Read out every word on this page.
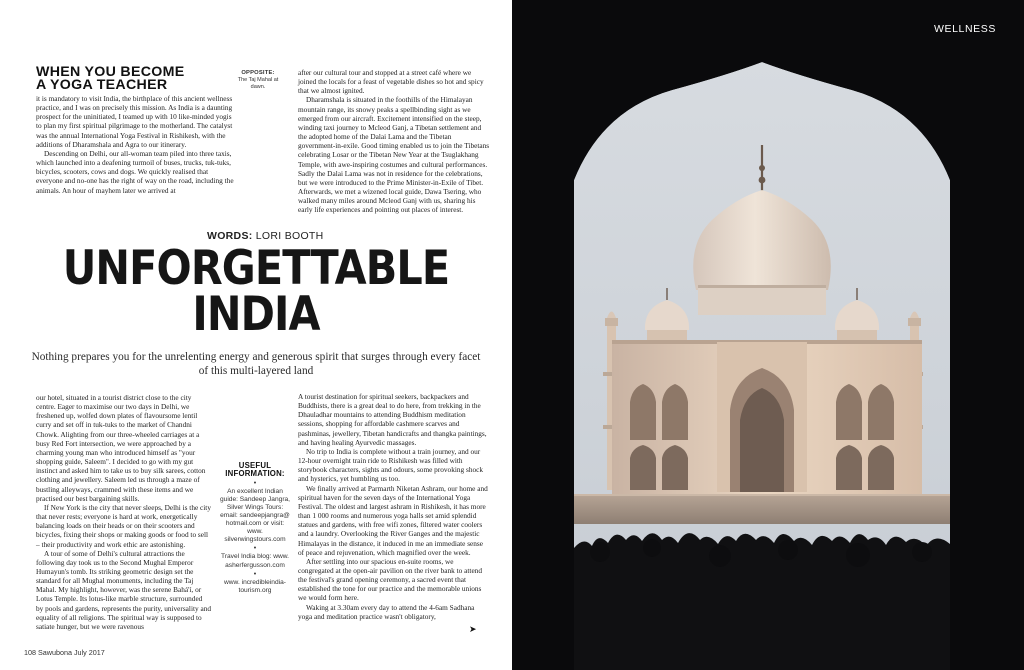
WHEN YOU BECOME
A YOGA TEACHER

it is mandatory to visit India, the birthplace of this ancient wellness practice, and I was on precisely this mission. As India is a daunting prospect for the uninitiated, I teamed up with 10 like-minded yogis to plan my first spiritual pilgrimage to the motherland. The catalyst was the annual International Yoga Festival in Rishikesh, with the additions of Dharamshala and Agra to our itinerary.

Descending on Delhi, our all-woman team piled into three taxis, which launched into a deafening turmoil of buses, trucks, tuk-tuks, bicycles, scooters, cows and dogs. We quickly realised that everyone and no-one has the right of way on the road, including the animals. An hour of mayhem later we arrived at

OPPOSITE:
The Taj Mahal at dawn.

after our cultural tour and stopped at a street café where we joined the locals for a feast of vegetable dishes so hot and spicy that we almost ignited.

Dharamshala is situated in the foothills of the Himalayan mountain range, its snowy peaks a spellbinding sight as we emerged from our aircraft. Excitement intensified on the steep, winding taxi journey to Mcleod Ganj, a Tibetan settlement and the adopted home of the Dalai Lama and the Tibetan government-in-exile. Good timing enabled us to join the Tibetans celebrating Losar or the Tibetan New Year at the Tsuglakhang Temple, with awe-inspiring costumes and cultural performances. Sadly the Dalai Lama was not in residence for the celebrations, but we were introduced to the Prime Minister-in-Exile of Tibet. Afterwards, we met a wizened local guide, Dawa Tsering, who walked many miles around Mcleod Ganj with us, sharing his early life experiences and pointing out places of interest.

WORDS: LORI BOOTH
UNFORGETTABLE
INDIA

Nothing prepares you for the unrelenting energy and generous spirit that surges through every facet of this multi-layered land

our hotel, situated in a tourist district close to the city centre. Eager to maximise our two days in Delhi, we freshened up, wolfed down plates of flavoursome lentil curry and set off in tuk-tuks to the market of Chandni Chowk. Alighting from our three-wheeled carriages at a busy Red Fort intersection, we were approached by a charming young man who introduced himself as "your shopping guide, Saleem". I decided to go with my gut instinct and asked him to take us to buy silk sarees, cotton clothing and jewellery. Saleem led us through a maze of bustling alleyways, crammed with these items and we practised our best bargaining skills.

If New York is the city that never sleeps, Delhi is the city that never rests; everyone is hard at work, energetically balancing loads on their heads or on their scooters and bicycles, fixing their shops or making goods or food to sell – their productivity and work ethic are astonishing.

A tour of some of Delhi's cultural attractions the following day took us to the Second Mughal Emperor Humayun's tomb. Its striking geometric design set the standard for all Mughal monuments, including the Taj Mahal. My highlight, however, was the serene Bahá'í, or Lotus Temple. Its lotus-like marble structure, surrounded by pools and gardens, represents the purity, universality and equality of all religions. The spiritual way is supposed to satiate hunger, but we were ravenous

USEFUL
INFORMATION:
•
An excellent Indian guide: Sandeep Jangra, Silver Wings Tours: email: sandeepjangra@ hotmail.com or visit: www. silverwingstours.com
•
Travel India blog: www. asherfergusson.com
•
www. incredibleindia-tourism.org

A tourist destination for spiritual seekers, backpackers and Buddhists, there is a great deal to do here, from trekking in the Dhauladhar mountains to attending Buddhism meditation sessions, shopping for affordable cashmere scarves and pashminas, jewellery, Tibetan handicrafts and thangka paintings, and having healing Ayurvedic massages.

No trip to India is complete without a train journey, and our 12-hour overnight train ride to Rishikesh was filled with storybook characters, sights and odours, some provoking shock and hysterics, yet humbling us too.

We finally arrived at Parmarth Niketan Ashram, our home and spiritual haven for the seven days of the International Yoga Festival. The oldest and largest ashram in Rishikesh, it has more than 1 000 rooms and numerous yoga halls set amid splendid statues and gardens, with free wifi zones, filtered water coolers and a laundry. Overlooking the River Ganges and the majestic Himalayas in the distance, it induced in me an immediate sense of peace and rejuvenation, which magnified over the week.

After settling into our spacious en-suite rooms, we congregated at the open-air pavilion on the river bank to attend the festival's grand opening ceremony, a sacred event that established the tone for our practice and the memorable unions we would form here.

Waking at 3.30am every day to attend the 4-6am Sadhana yoga and meditation practice wasn't obligatory,

➤
108 Sawubona July 2017
WELLNESS
